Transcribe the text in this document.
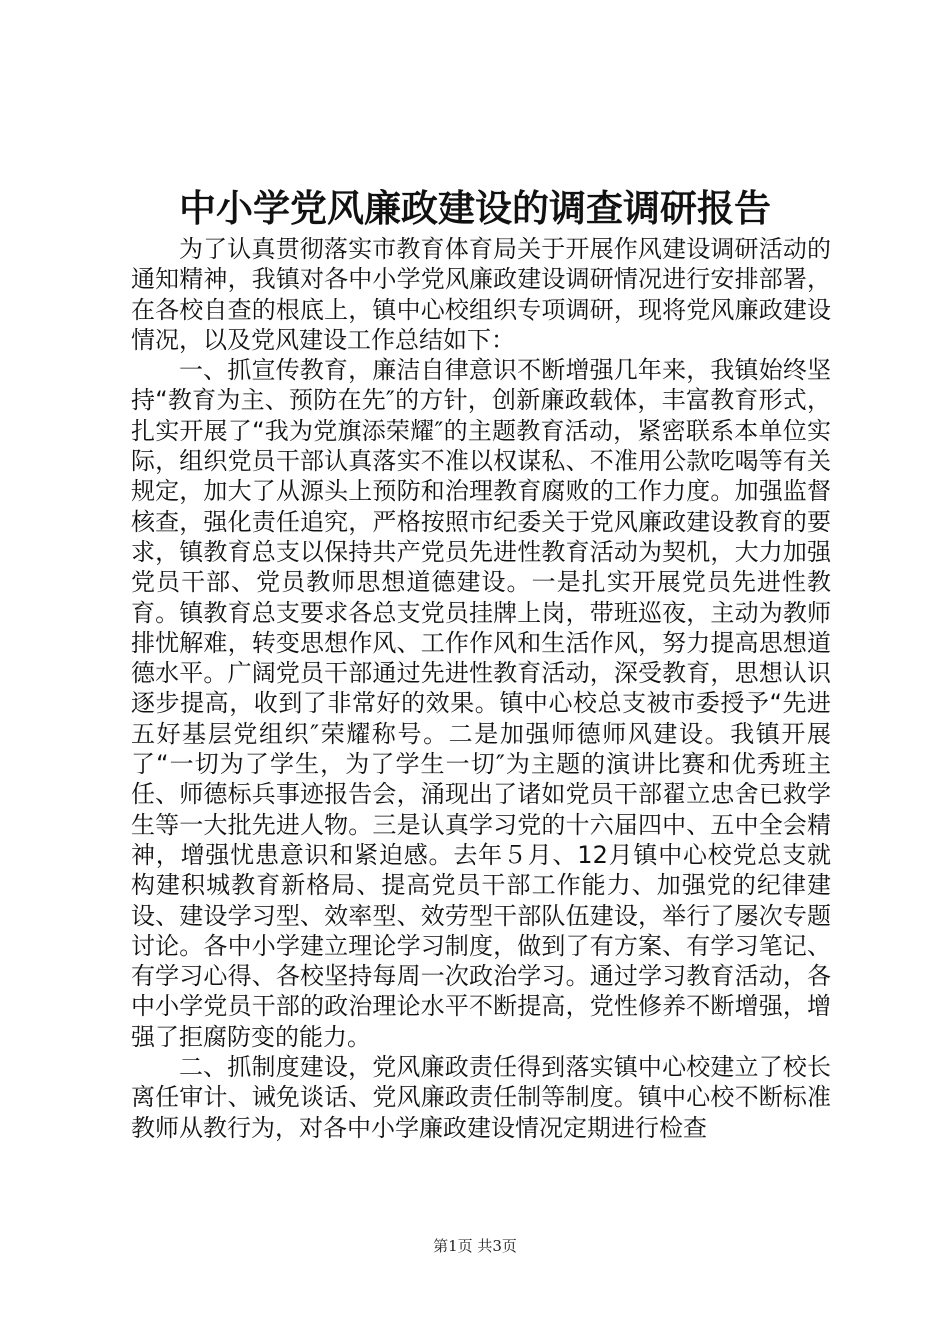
中小学党风廉政建设的调查调研报告

为了认真贯彻落实市教育体育局关于开展作风建设调研活动的通知精神，我镇对各中小学党风廉政建设调研情况进行安排部署，在各校自查的根底上，镇中心校组织专项调研，现将党风廉政建设情况，以及党风建设工作总结如下：

一、抓宣传教育，廉洁自律意识不断增强几年来，我镇始终坚持“教育为主、预防在先″的方针，创新廉政载体，丰富教育形式，扎实开展了“我为党旗添荣耀″的主题教育活动，紧密联系本单位实际，组织党员干部认真落实不准以权谋私、不准用公款吃喝等有关规定，加大了从源头上预防和治理教育腐败的工作力度。加强监督核查，强化责任追究，严格按照市纪委关于党风廉政建设教育的要求，镇教育总支以保持共产党员先进性教育活动为契机，大力加强党员干部、党员教师思想道德建设。一是扎实开展党员先进性教育。镇教育总支要求各总支党员挂牌上岗，带班巡夜，主动为教师排忧解难，转变思想作风、工作作风和生活作风，努力提高思想道德水平。广阔党员干部通过先进性教育活动，深受教育，思想认识逐步提高，收到了非常好的效果。镇中心校总支被市委授予“先进五好基层党组织″荣耀称号。二是加强师德师风建设。我镇开展了“一切为了学生，为了学生一切″为主题的演讲比赛和优秀班主任、师德标兵事迹报告会，涌现出了诸如党员干部翟立忠舍已救学生等一大批先进人物。三是认真学习党的十六届四中、五中全会精神，增强忧患意识和紧迫感。去年５月、12月镇中心校党总支就构建积城教育新格局、提高党员干部工作能力、加强党的纪律建设、建设学习型、效率型、效劳型干部队伍建设，举行了屡次专题讨论。各中小学建立理论学习制度，做到了有方案、有学习笔记、有学习心得、各校坚持每周一次政治学习。通过学习教育活动，各中小学党员干部的政治理论水平不断提高，党性修养不断增强，增强了拒腐防变的能力。

二、抓制度建设，党风廉政责任得到落实镇中心校建立了校长离任审计、诫免谈话、党风廉政责任制等制度。镇中心校不断标准教师从教行为，对各中小学廉政建设情况定期进行检查

第1页 共3页
